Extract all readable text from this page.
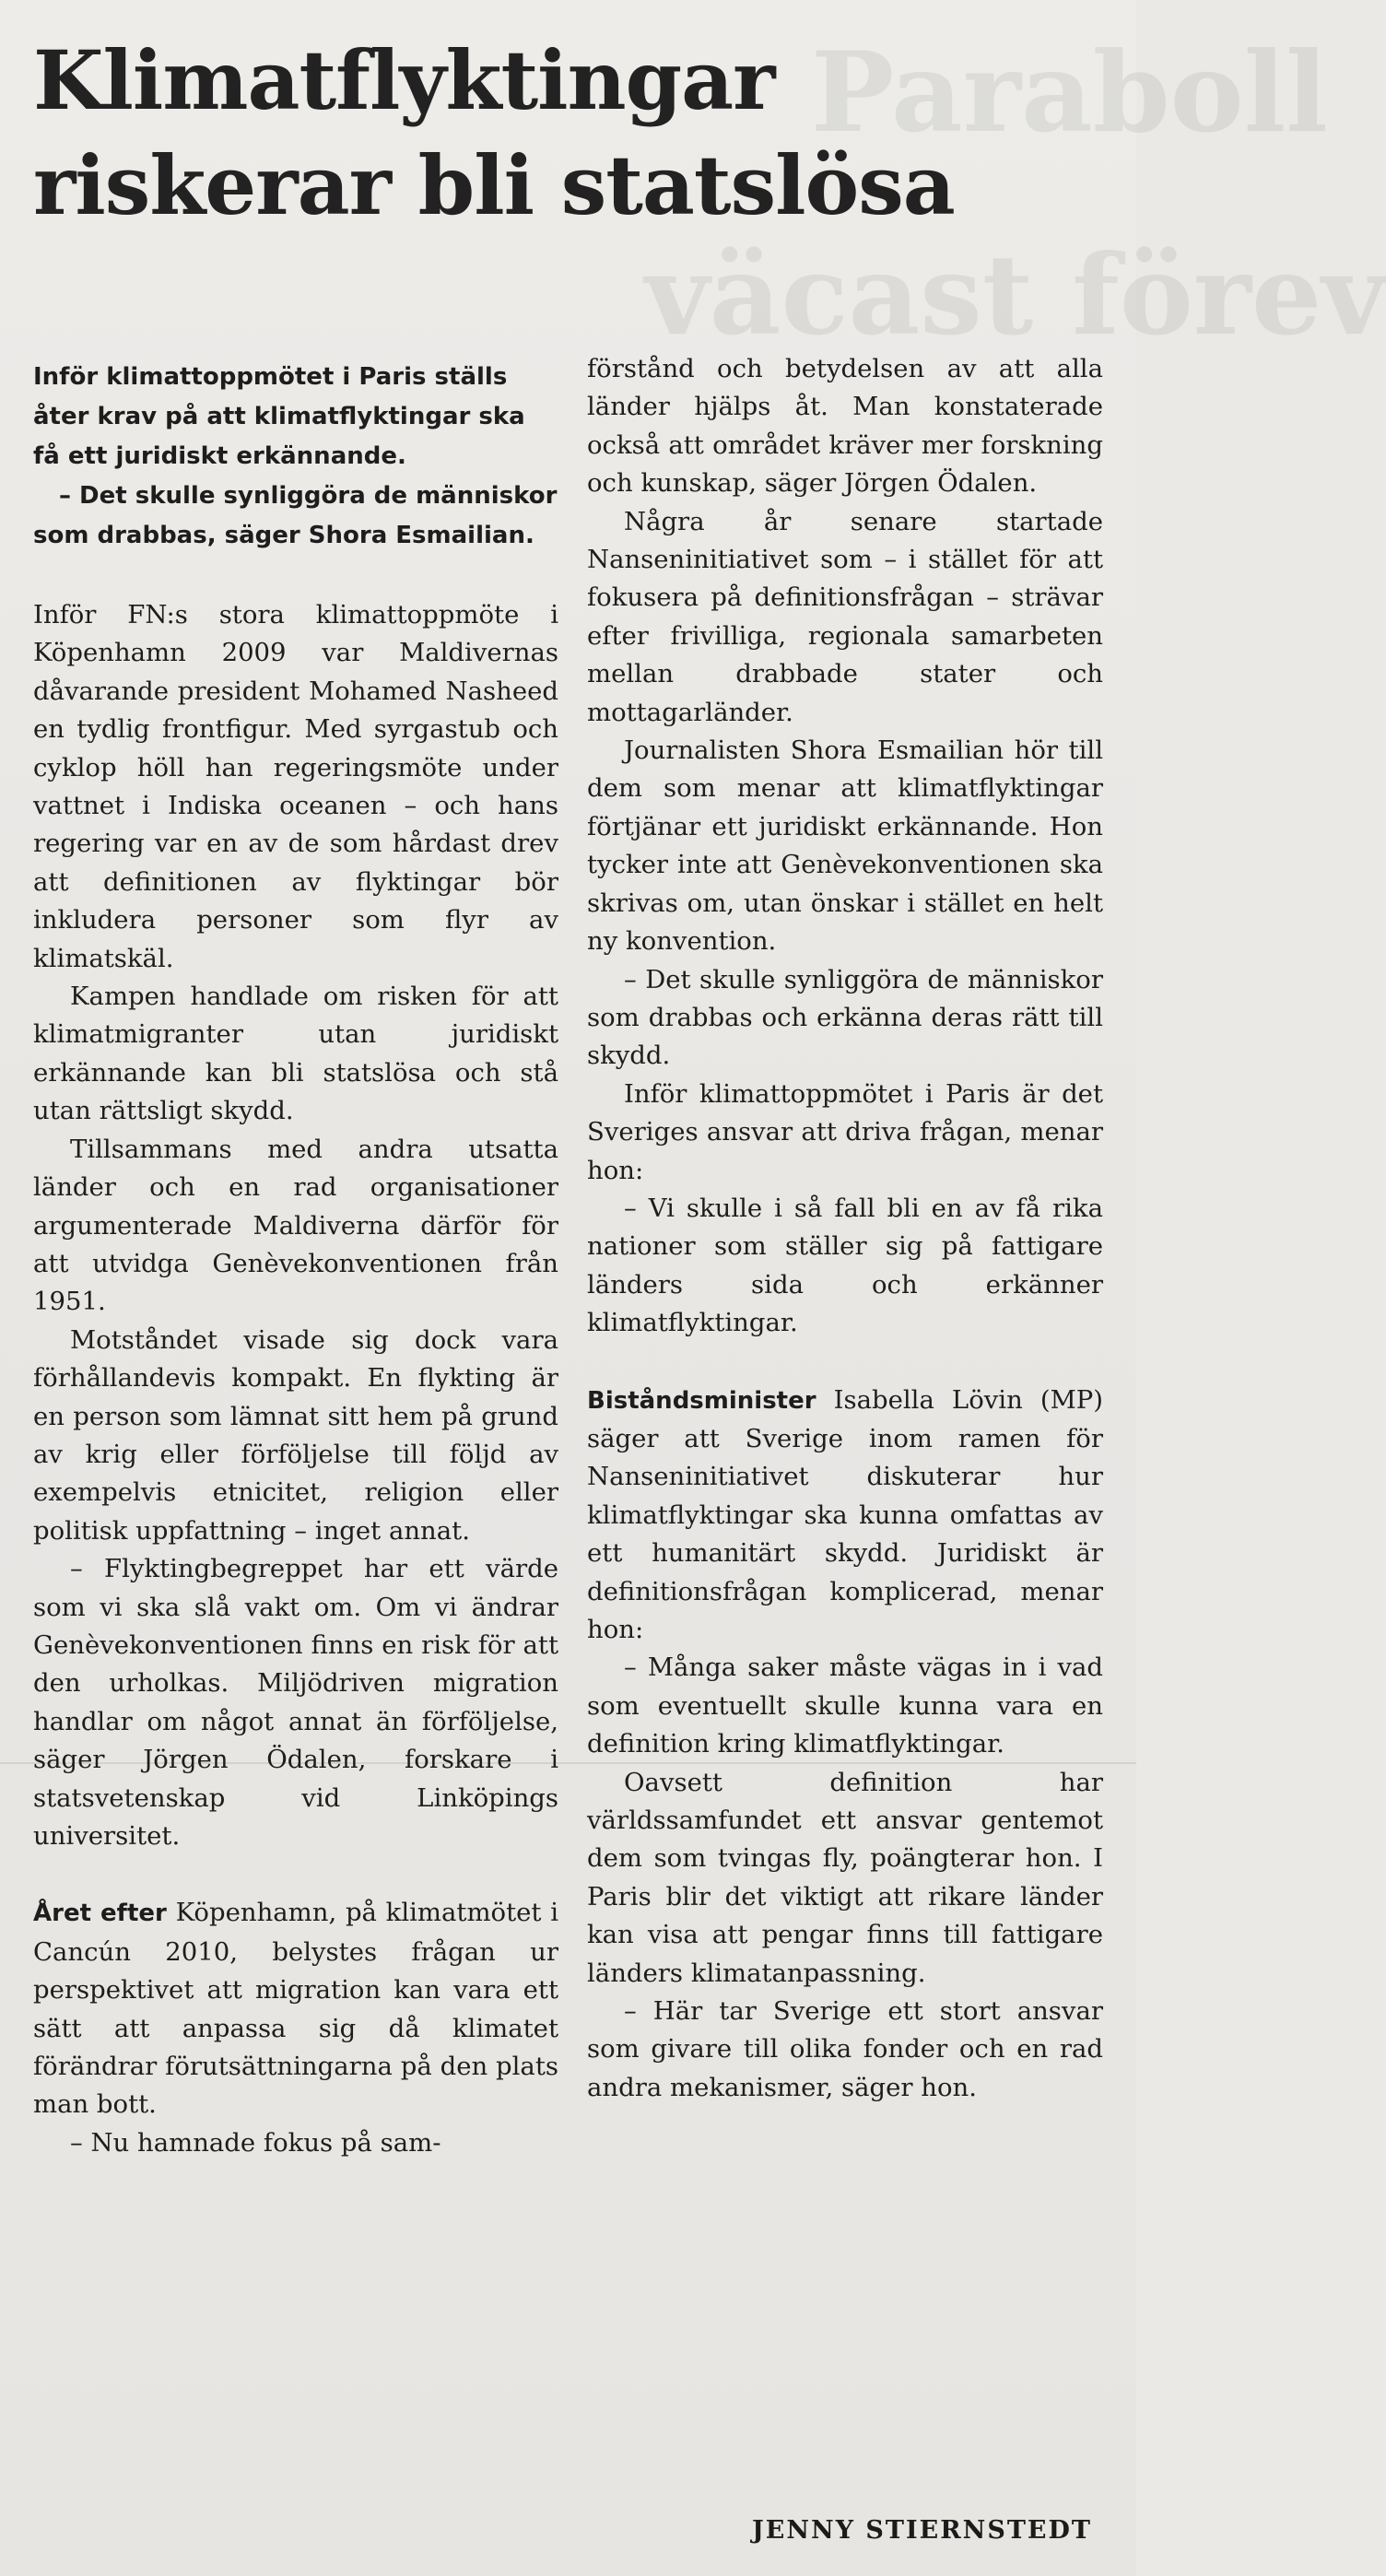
Paraboll
väcast förev
Klimatflyktingar riskerar bli statslösa
Inför klimattoppmötet i Paris ställs åter krav på att klimatflyktingar ska få ett juridiskt erkännande.
– Det skulle synliggöra de människor som drabbas, säger Shora Esmailian.

Inför FN:s stora klimattoppmöte i Köpenhamn 2009 var Maldivernas dåvarande president Mohamed Nasheed en tydlig frontfigur. Med syrgastub och cyklop höll han regeringsmöte under vattnet i Indiska oceanen – och hans regering var en av de som hårdast drev att definitionen av flyktingar bör inkludera personer som flyr av klimatskäl.

Kampen handlade om risken för att klimatmigranter utan juridiskt erkännande kan bli statslösa och stå utan rättsligt skydd.

Tillsammans med andra utsatta länder och en rad organisationer argumenterade Maldiverna därför för att utvidga Genèvekonventionen från 1951.

Motståndet visade sig dock vara förhållandevis kompakt. En flykting är en person som lämnat sitt hem på grund av krig eller förföljelse till följd av exempelvis etnicitet, religion eller politisk uppfattning – inget annat.

– Flyktingbegreppet har ett värde som vi ska slå vakt om. Om vi ändrar Genèvekonventionen finns en risk för att den urholkas. Miljödriven migration handlar om något annat än förföljelse, säger Jörgen Ödalen, forskare i statsvetenskap vid Linköpings universitet.

Året efter Köpenhamn, på klimatmötet i Cancún 2010, belystes frågan ur perspektivet att migration kan vara ett sätt att anpassa sig då klimatet förändrar förutsättningarna på den plats man bott.

– Nu hamnade fokus på sam-

förstånd och betydelsen av att alla länder hjälps åt. Man konstaterade också att området kräver mer forskning och kunskap, säger Jörgen Ödalen.

Några år senare startade Nanseninitiativet som – i stället för att fokusera på definitionsfrågan – strävar efter frivilliga, regionala samarbeten mellan drabbade stater och mottagarländer.

Journalisten Shora Esmailian hör till dem som menar att klimatflyktingar förtjänar ett juridiskt erkännande. Hon tycker inte att Genèvekonventionen ska skrivas om, utan önskar i stället en helt ny konvention.

– Det skulle synliggöra de människor som drabbas och erkänna deras rätt till skydd.

Inför klimattoppmötet i Paris är det Sveriges ansvar att driva frågan, menar hon:

– Vi skulle i så fall bli en av få rika nationer som ställer sig på fattigare länders sida och erkänner klimatflyktingar.

Biståndsminister Isabella Lövin (MP) säger att Sverige inom ramen för Nanseninitiativet diskuterar hur klimatflyktingar ska kunna omfattas av ett humanitärt skydd. Juridiskt är definitionsfrågan komplicerad, menar hon:

– Många saker måste vägas in i vad som eventuellt skulle kunna vara en definition kring klimatflyktingar.

Oavsett definition har världssamfundet ett ansvar gentemot dem som tvingas fly, poängterar hon. I Paris blir det viktigt att rikare länder kan visa att pengar finns till fattigare länders klimatanpassning.

– Här tar Sverige ett stort ansvar som givare till olika fonder och en rad andra mekanismer, säger hon.

JENNY STIERNSTEDT
